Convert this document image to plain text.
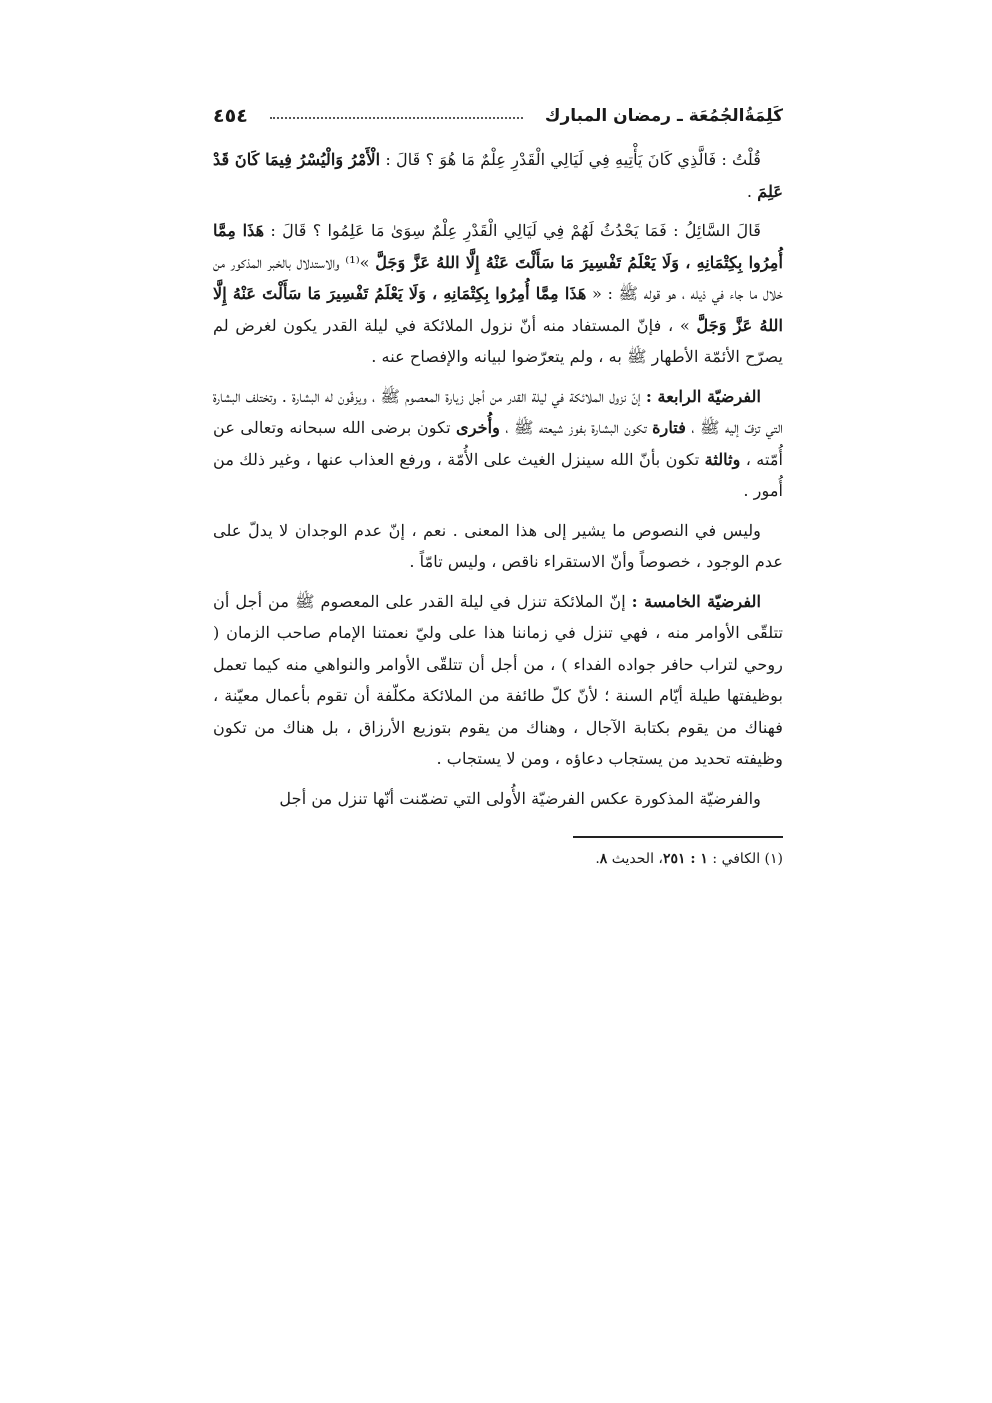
كَلِمَةُالجُمُعَة ـ رمضان المبارك
٤٥٤

قُلْتُ : فَالَّذِي كَانَ يَأْتِيهِ فِي لَيَالِي الْقَدْرِ عِلْمٌ مَا هُوَ ؟ قَالَ : الْأَمْرُ وَالْيُسْرُ فِيمَا كَانَ قَدْ عَلِمَ .

قَالَ السَّائِلُ : فَمَا يَحْدُثُ لَهُمْ فِي لَيَالِي الْقَدْرِ عِلْمٌ سِوَىٰ مَا عَلِمُوا ؟ قَالَ : هَذَا مِمَّا أُمِرُوا بِكِتْمَانِهِ ، وَلَا يَعْلَمُ تَفْسِيرَ مَا سَأَلْتَ عَنْهُ إِلَّا اللهُ عَزَّ وَجَلَّ »⁽¹⁾ والاستدلال بالخبر المذكور من خلال ما جاء في ذيله ، هو قوله ﷺ : « هَذَا مِمَّا أُمِرُوا بِكِتْمَانِهِ ، وَلَا يَعْلَمُ تَفْسِيرَ مَا سَأَلْتَ عَنْهُ إِلَّا اللهُ عَزَّ وَجَلَّ » ، فإنّ المستفاد منه أنّ نزول الملائكة في ليلة القدر يكون لغرض لم يصرّح الأئمّة الأطهار ﷺ به ، ولم يتعرّضوا لبيانه والإفصاح عنه .

الفرضيّة الرابعة : إنّ نزول الملائكة في ليلة القدر من أجل زيارة المعصوم ﷺ ، ويزفّون له البشارة . وتختلف البشارة التي تزفّ إليه ﷺ ، فتارة تكون البشارة بفوز شيعته ﷺ ، وأُخرى تكون برضى الله سبحانه وتعالى عن أُمّته ، وثالثة تكون بأنّ الله سينزل الغيث على الأُمّة ، ورفع العذاب عنها ، وغير ذلك من أُمور .

وليس في النصوص ما يشير إلى هذا المعنى . نعم ، إنّ عدم الوجدان لا يدلّ على عدم الوجود ، خصوصاً وأنّ الاستقراء ناقص ، وليس تامّاً .

الفرضيّة الخامسة : إنّ الملائكة تنزل في ليلة القدر على المعصوم ﷺ من أجل أن تتلقّى الأوامر منه ، فهي تنزل في زماننا هذا على وليّ نعمتنا الإمام صاحب الزمان ( روحي لتراب حافر جواده الفداء ) ، من أجل أن تتلقّى الأوامر والنواهي منه كيما تعمل بوظيفتها طيلة أيّام السنة ؛ لأنّ كلّ طائفة من الملائكة مكلّفة أن تقوم بأعمال معيّنة ، فهناك من يقوم بكتابة الآجال ، وهناك من يقوم بتوزيع الأرزاق ، بل هناك من تكون وظيفته تحديد من يستجاب دعاؤه ، ومن لا يستجاب .

والفرضيّة المذكورة عكس الفرضيّة الأُولى التي تضمّنت أنّها تنزل من أجل

(١) الكافي : ١ : ٢٥١، الحديث ٨.
